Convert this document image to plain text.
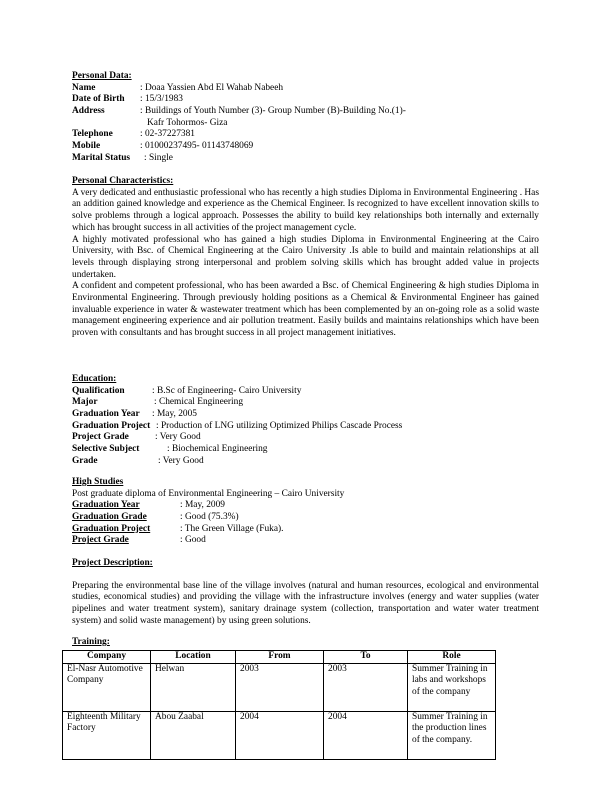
Personal Data:
Name	: Doaa Yassien Abd El Wahab Nabeeh
Date of Birth : 15/3/1983
Address	: Buildings of Youth Number (3)- Group Number (B)-Building No.(1)-
Kafr Tohormos- Giza
Telephone	: 02-37227381
Mobile	: 01000237495- 01143748069
Marital Status : Single
Personal Characteristics:

A very dedicated and enthusiastic professional who has recently a high studies Diploma in Environmental Engineering . Has an addition gained knowledge and experience as the Chemical Engineer. Is recognized to have excellent innovation skills to solve problems through a logical approach. Possesses the ability to build key relationships both internally and externally which has brought success in all activities of the project management cycle.

A highly motivated professional who has gained a high studies Diploma in Environmental Engineering at the Cairo University, with Bsc. of Chemical Engineering at the Cairo University .Is able to build and maintain relationships at all levels through displaying strong interpersonal and problem solving skills which has brought added value in projects undertaken.

A confident and competent professional, who has been awarded a Bsc. of Chemical Engineering & high studies Diploma in Environmental Engineering. Through previously holding positions as a Chemical & Environmental Engineer has gained invaluable experience in water & wastewater treatment which has been complemented by an on-going role as a solid waste management engineering experience and air pollution treatment. Easily builds and maintains relationships which have been proven with consultants and has brought success in all project management initiatives.

Education:
Qualification	: B.Sc of Engineering- Cairo University
Major	: Chemical Engineering
Graduation Year : May, 2005
Graduation Project : Production of LNG utilizing Optimized Philips Cascade Process
Project Grade	: Very Good
Selective Subject	: Biochemical Engineering
Grade	: Very Good
High Studies
Post graduate diploma of Environmental Engineering – Cairo University
Graduation Year	: May, 2009
Graduation Grade	: Good (75.3%)
Graduation Project	: The Green Village (Fuka).
Project Grade	: Good
Project Description:

Preparing the environmental base line of the village involves (natural and human resources, ecological and environmental studies, economical studies) and providing the village with the infrastructure involves (energy and water supplies (water pipelines and water treatment system), sanitary drainage system (collection, transportation and water water treatment system) and solid waste management) by using green solutions.

Training:
Company	Location	From	To	Role
El-Nasr Automotive Company	Helwan	2003	2003	Summer Training in labs and workshops of the company
Eighteenth Military Factory	Abou Zaabal	2004	2004	Summer Training in the production lines of the company.
